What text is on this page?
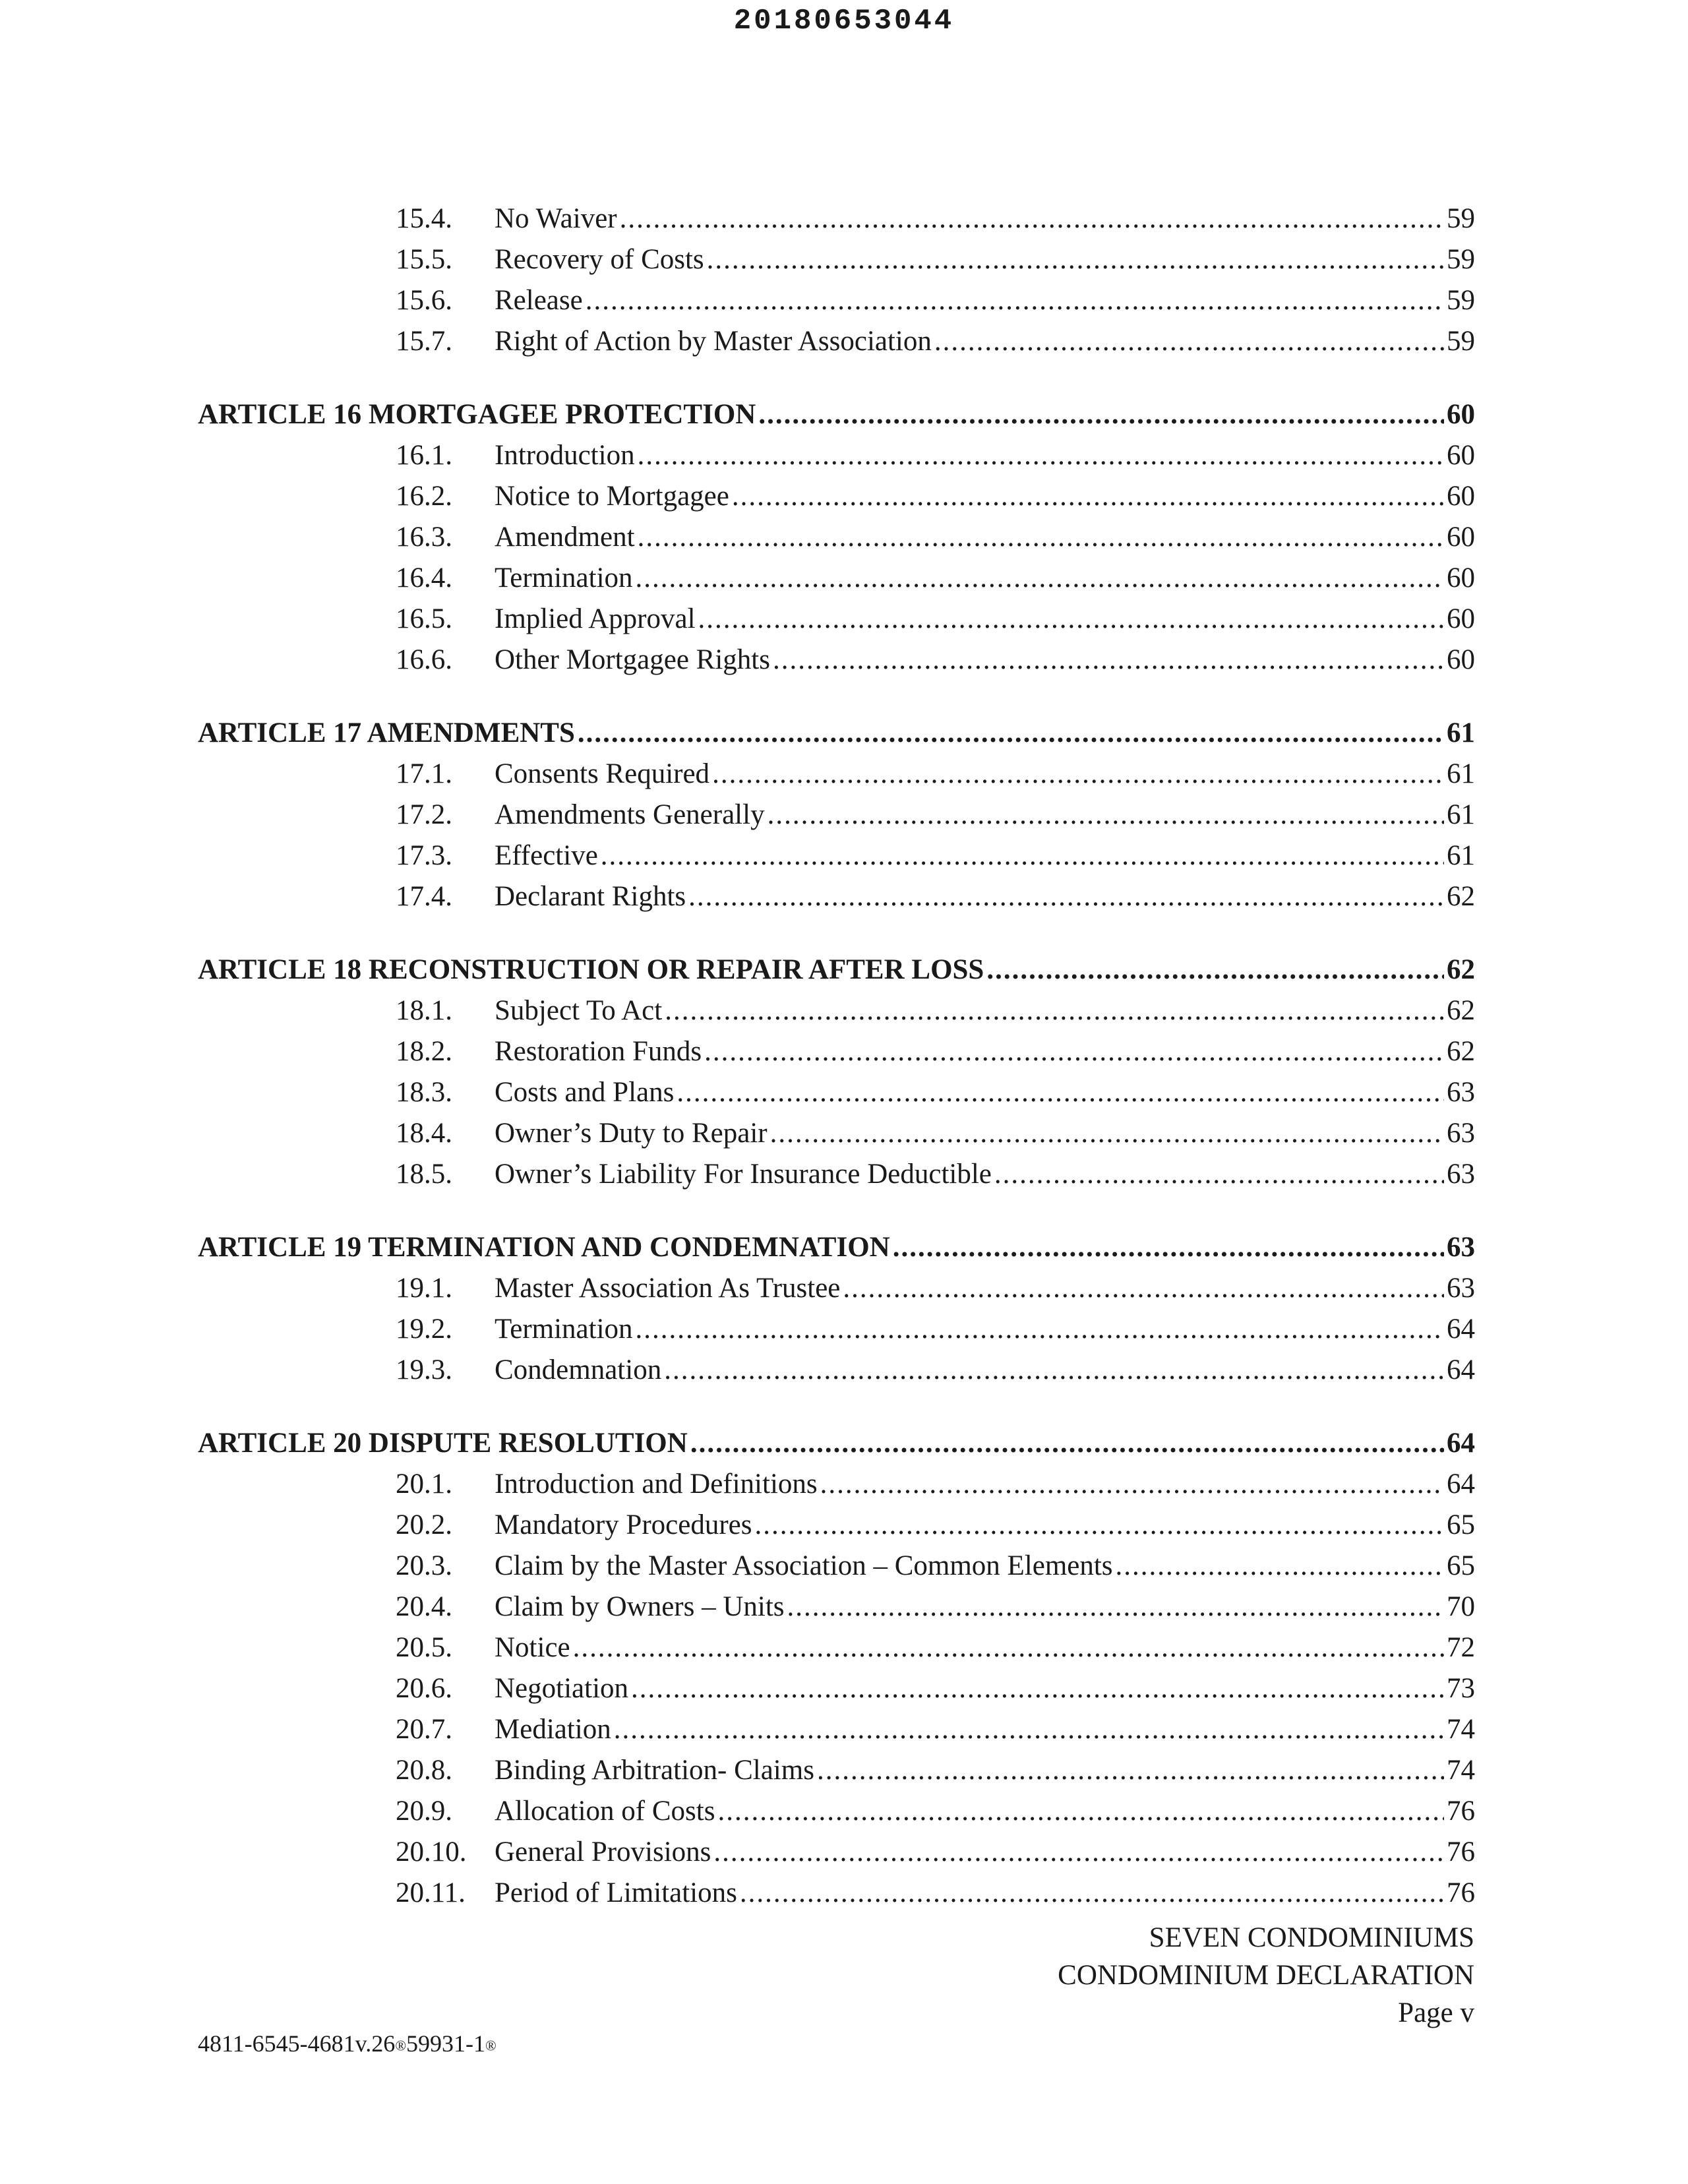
20180653044
15.4.	No Waiver .....	59
15.5.	Recovery of Costs .....	59
15.6.	Release .....	59
15.7.	Right of Action by Master Association .....	59
ARTICLE 16 MORTGAGEE PROTECTION .....	60
16.1.	Introduction .....	60
16.2.	Notice to Mortgagee .....	60
16.3.	Amendment .....	60
16.4.	Termination .....	60
16.5.	Implied Approval .....	60
16.6.	Other Mortgagee Rights .....	60
ARTICLE 17 AMENDMENTS .....	61
17.1.	Consents Required .....	61
17.2.	Amendments Generally .....	61
17.3.	Effective .....	61
17.4.	Declarant Rights .....	62
ARTICLE 18 RECONSTRUCTION OR REPAIR AFTER LOSS .....	62
18.1.	Subject To Act .....	62
18.2.	Restoration Funds .....	62
18.3.	Costs and Plans .....	63
18.4.	Owner’s Duty to Repair .....	63
18.5.	Owner’s Liability For Insurance Deductible .....	63
ARTICLE 19 TERMINATION AND CONDEMNATION .....	63
19.1.	Master Association As Trustee .....	63
19.2.	Termination .....	64
19.3.	Condemnation .....	64
ARTICLE 20 DISPUTE RESOLUTION .....	64
20.1.	Introduction and Definitions .....	64
20.2.	Mandatory Procedures .....	65
20.3.	Claim by the Master Association – Common Elements .....	65
20.4.	Claim by Owners – Units .....	70
20.5.	Notice .....	72
20.6.	Negotiation .....	73
20.7.	Mediation .....	74
20.8.	Binding Arbitration- Claims .....	74
20.9.	Allocation of Costs .....	76
20.10. General Provisions .....	76
20.11.	Period of Limitations .....	76
SEVEN CONDOMINIUMS
CONDOMINIUM DECLARATION
Page v
4811-6545-4681v.26®59931-1®
